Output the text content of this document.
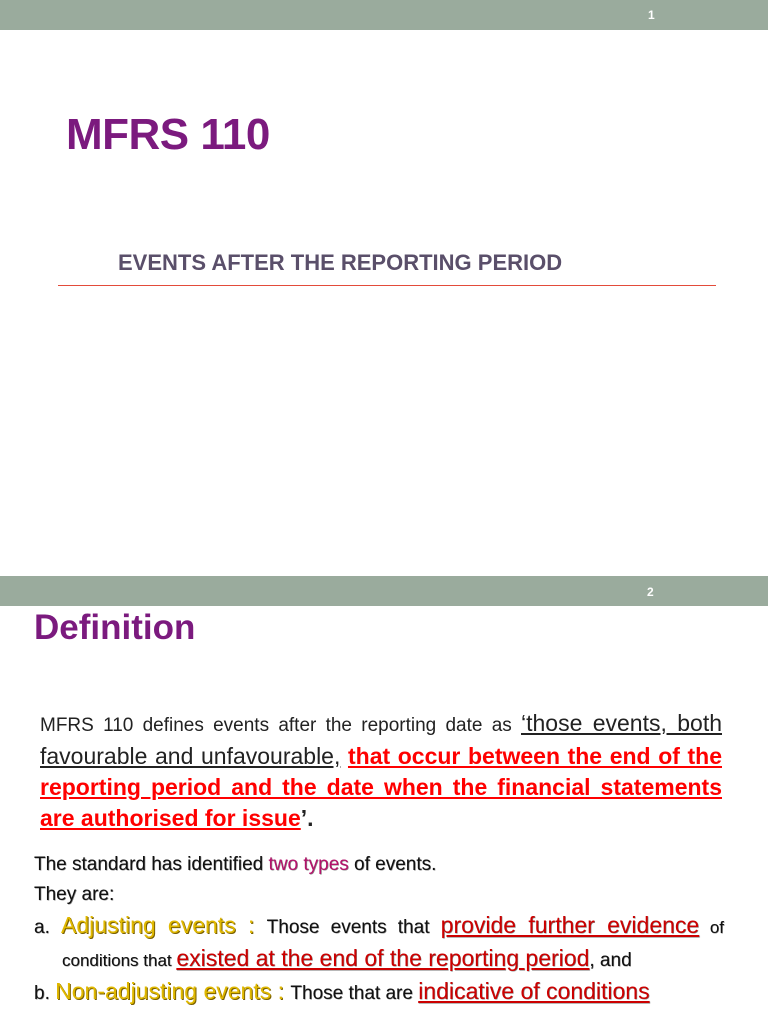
1
MFRS 110
EVENTS AFTER THE REPORTING PERIOD
2
Definition

MFRS 110 defines events after the reporting date as ‘those events, both favourable and unfavourable, that occur between the end of the reporting period and the date when the financial statements are authorised for issue’.

The standard has identified two types of events.
They are:

a. Adjusting events : Those events that provide further evidence of conditions that existed at the end of the reporting period, and
b. Non-adjusting events : Those that are indicative of conditions
